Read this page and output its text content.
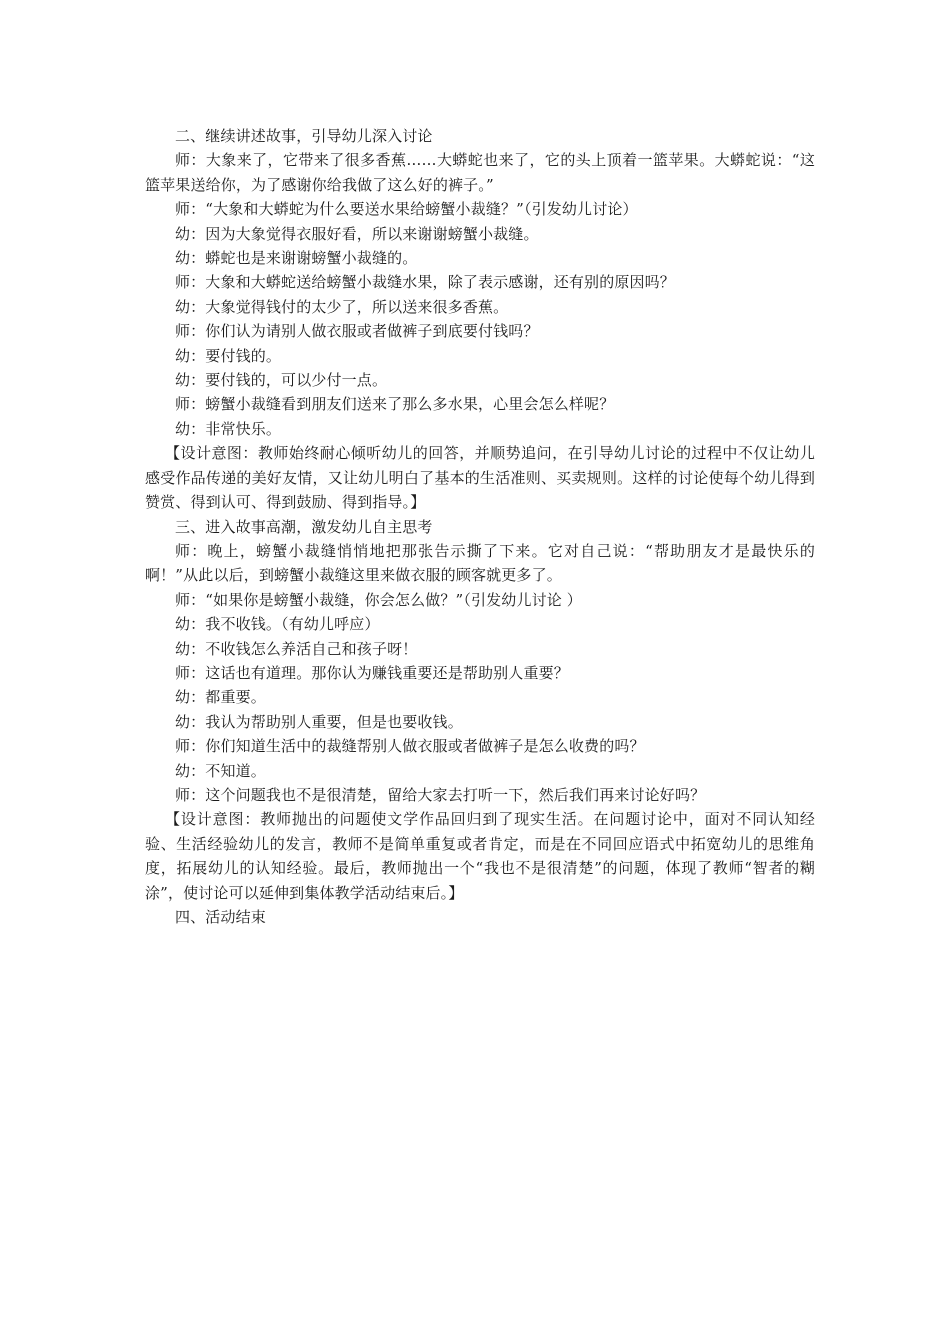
二、继续讲述故事，引导幼儿深入讨论

师：大象来了，它带来了很多香蕉……大蟒蛇也来了，它的头上顶着一篮苹果。大蟒蛇说：“这篮苹果送给你，为了感谢你给我做了这么好的裤子。”

师：“大象和大蟒蛇为什么要送水果给螃蟹小裁缝？”（引发幼儿讨论）

幼：因为大象觉得衣服好看，所以来谢谢螃蟹小裁缝。

幼：蟒蛇也是来谢谢螃蟹小裁缝的。

师：大象和大蟒蛇送给螃蟹小裁缝水果，除了表示感谢，还有别的原因吗？

幼：大象觉得钱付的太少了，所以送来很多香蕉。

师：你们认为请别人做衣服或者做裤子到底要付钱吗？

幼：要付钱的。

幼：要付钱的，可以少付一点。

师：螃蟹小裁缝看到朋友们送来了那么多水果，心里会怎么样呢？

幼：非常快乐。

【设计意图：教师始终耐心倾听幼儿的回答，并顺势追问，在引导幼儿讨论的过程中不仅让幼儿感受作品传递的美好友情，又让幼儿明白了基本的生活准则、买卖规则。这样的讨论使每个幼儿得到赞赏、得到认可、得到鼓励、得到指导。】

三、进入故事高潮，激发幼儿自主思考

师：晚上，螃蟹小裁缝悄悄地把那张告示撕了下来。它对自己说：“帮助朋友才是最快乐的啊！”从此以后，到螃蟹小裁缝这里来做衣服的顾客就更多了。

师：“如果你是螃蟹小裁缝，你会怎么做？”（引发幼儿讨论 ）

幼：我不收钱。（有幼儿呼应）

幼：不收钱怎么养活自己和孩子呀！

师：这话也有道理。那你认为赚钱重要还是帮助别人重要？

幼：都重要。

幼：我认为帮助别人重要，但是也要收钱。

师：你们知道生活中的裁缝帮别人做衣服或者做裤子是怎么收费的吗？

幼：不知道。

师：这个问题我也不是很清楚，留给大家去打听一下，然后我们再来讨论好吗？

【设计意图：教师抛出的问题使文学作品回归到了现实生活。在问题讨论中，面对不同认知经验、生活经验幼儿的发言，教师不是简单重复或者肯定，而是在不同回应语式中拓宽幼儿的思维角度，拓展幼儿的认知经验。最后，教师抛出一个“我也不是很清楚”的问题，体现了教师“智者的糊涂”，使讨论可以延伸到集体教学活动结束后。】

四、活动结束
